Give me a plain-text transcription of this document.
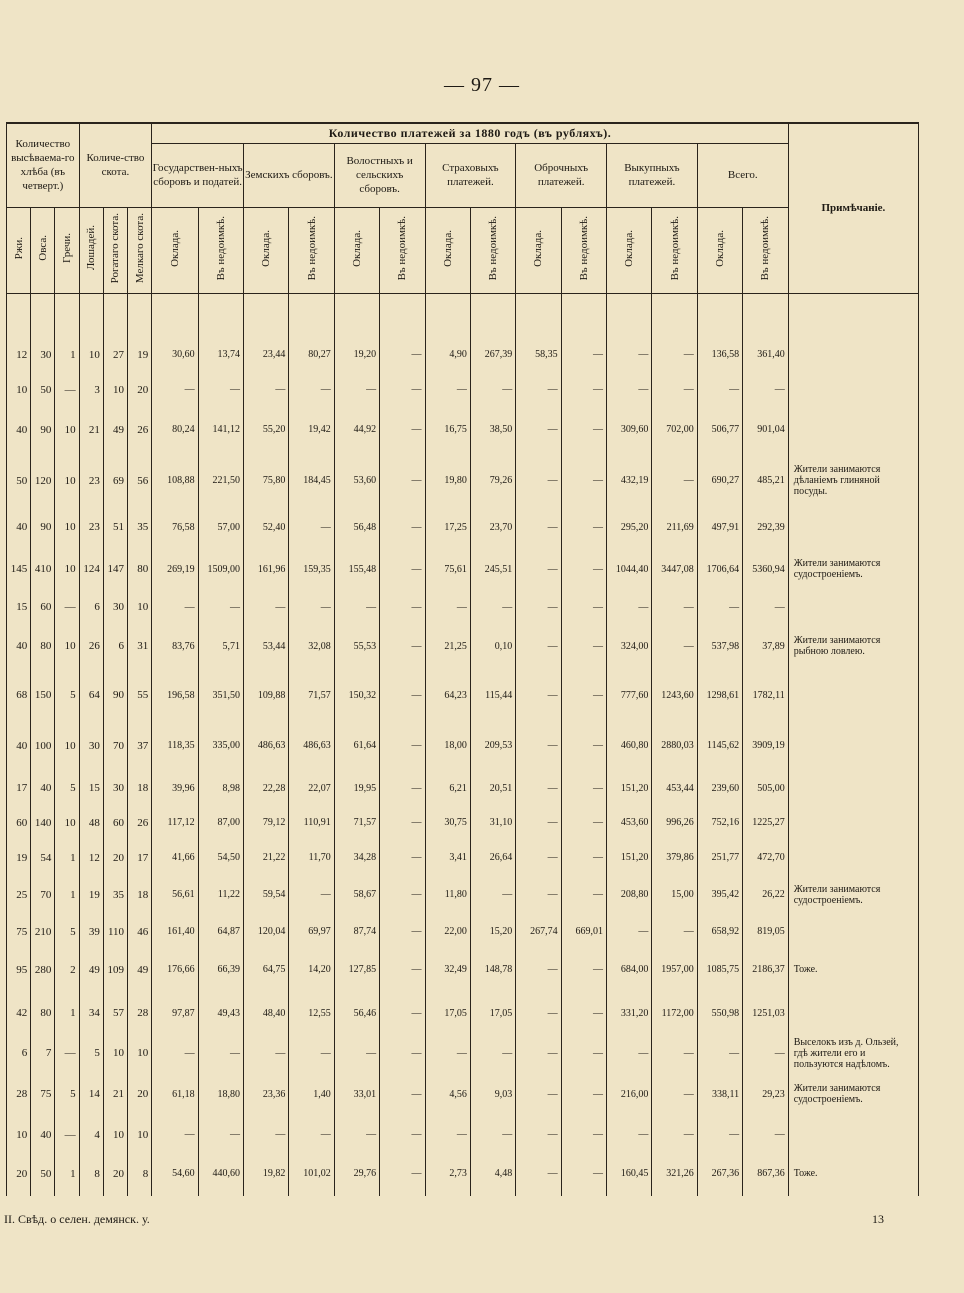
— 97 —
Количество высѣваема-го хлѣба (въ четверт.)			Количе-ство скота.			Количество платежей за 1880 годъ (въ рубляхъ).														Примѣчаніе.
						Государствен-ныхъ сборовъ и податей.		Земскихъ сборовъ.		Волостныхъ и сельскихъ сборовъ.		Страховыхъ платежей.		Оброчныхъ платежей.		Выкупныхъ платежей.		Всего.		
Ржи.	Овса.	Гречи.	Лошадей.	Рогатаго скота.	Мелкаго скота.	Оклада.	Въ недоимкѣ.	Оклада.	Въ недоимкѣ.	Оклада.	Въ недоимкѣ.	Оклада.	Въ недоимкѣ.	Оклада.	Въ недоимкѣ.	Оклада.	Въ недоимкѣ.	Оклада.	Въ недоимкѣ.	

12	30	1	10	27	19	30,60	13,74	23,44	80,27	19,20	—	4,90	267,39	58,35	—	—	—	136,58	361,40	
10	50	—	3	10	20	—	—	—	—	—	—	—	—	—	—	—	—	—	—	
40	90	10	21	49	26	80,24	141,12	55,20	19,42	44,92	—	16,75	38,50	—	—	309,60	702,00	506,77	901,04	
50	120	10	23	69	56	108,88	221,50	75,80	184,45	53,60	—	19,80	79,26	—	—	432,19	—	690,27	485,21	Жители занимаются дѣланіемъ глиняной посуды.
40	90	10	23	51	35	76,58	57,00	52,40	—	56,48	—	17,25	23,70	—	—	295,20	211,69	497,91	292,39	
145	410	10	124	147	80	269,19	1509,00	161,96	159,35	155,48	—	75,61	245,51	—	—	1044,40	3447,08	1706,64	5360,94	Жители занимаются судостроеніемъ.
15	60	—	6	30	10	—	—	—	—	—	—	—	—	—	—	—	—	—	—	
40	80	10	26	6	31	83,76	5,71	53,44	32,08	55,53	—	21,25	0,10	—	—	324,00	—	537,98	37,89	Жители занимаются рыбною ловлею.
68	150	5	64	90	55	196,58	351,50	109,88	71,57	150,32	—	64,23	115,44	—	—	777,60	1243,60	1298,61	1782,11	
40	100	10	30	70	37	118,35	335,00	486,63	486,63	61,64	—	18,00	209,53	—	—	460,80	2880,03	1145,62	3909,19	
17	40	5	15	30	18	39,96	8,98	22,28	22,07	19,95	—	6,21	20,51	—	—	151,20	453,44	239,60	505,00	
60	140	10	48	60	26	117,12	87,00	79,12	110,91	71,57	—	30,75	31,10	—	—	453,60	996,26	752,16	1225,27	
19	54	1	12	20	17	41,66	54,50	21,22	11,70	34,28	—	3,41	26,64	—	—	151,20	379,86	251,77	472,70	
25	70	1	19	35	18	56,61	11,22	59,54	—	58,67	—	11,80	—	—	—	208,80	15,00	395,42	26,22	Жители занимаются судостроеніемъ.
75	210	5	39	110	46	161,40	64,87	120,04	69,97	87,74	—	22,00	15,20	267,74	669,01	—	—	658,92	819,05	
95	280	2	49	109	49	176,66	66,39	64,75	14,20	127,85	—	32,49	148,78	—	—	684,00	1957,00	1085,75	2186,37	Тоже.
42	80	1	34	57	28	97,87	49,43	48,40	12,55	56,46	—	17,05	17,05	—	—	331,20	1172,00	550,98	1251,03	
6	7	—	5	10	10	—	—	—	—	—	—	—	—	—	—	—	—	—	—	Выселокъ изъ д. Ользей, гдѣ жители его и пользуются надѣломъ.
28	75	5	14	21	20	61,18	18,80	23,36	1,40	33,01	—	4,56	9,03	—	—	216,00	—	338,11	29,23	Жители занимаются судостроеніемъ.
10	40	—	4	10	10	—	—	—	—	—	—	—	—	—	—	—	—	—	—	
20	50	1	8	20	8	54,60	440,60	19,82	101,02	29,76	—	2,73	4,48	—	—	160,45	321,26	267,36	867,36	Тоже.
II. Свѣд. о селен. демянск. у.	13
